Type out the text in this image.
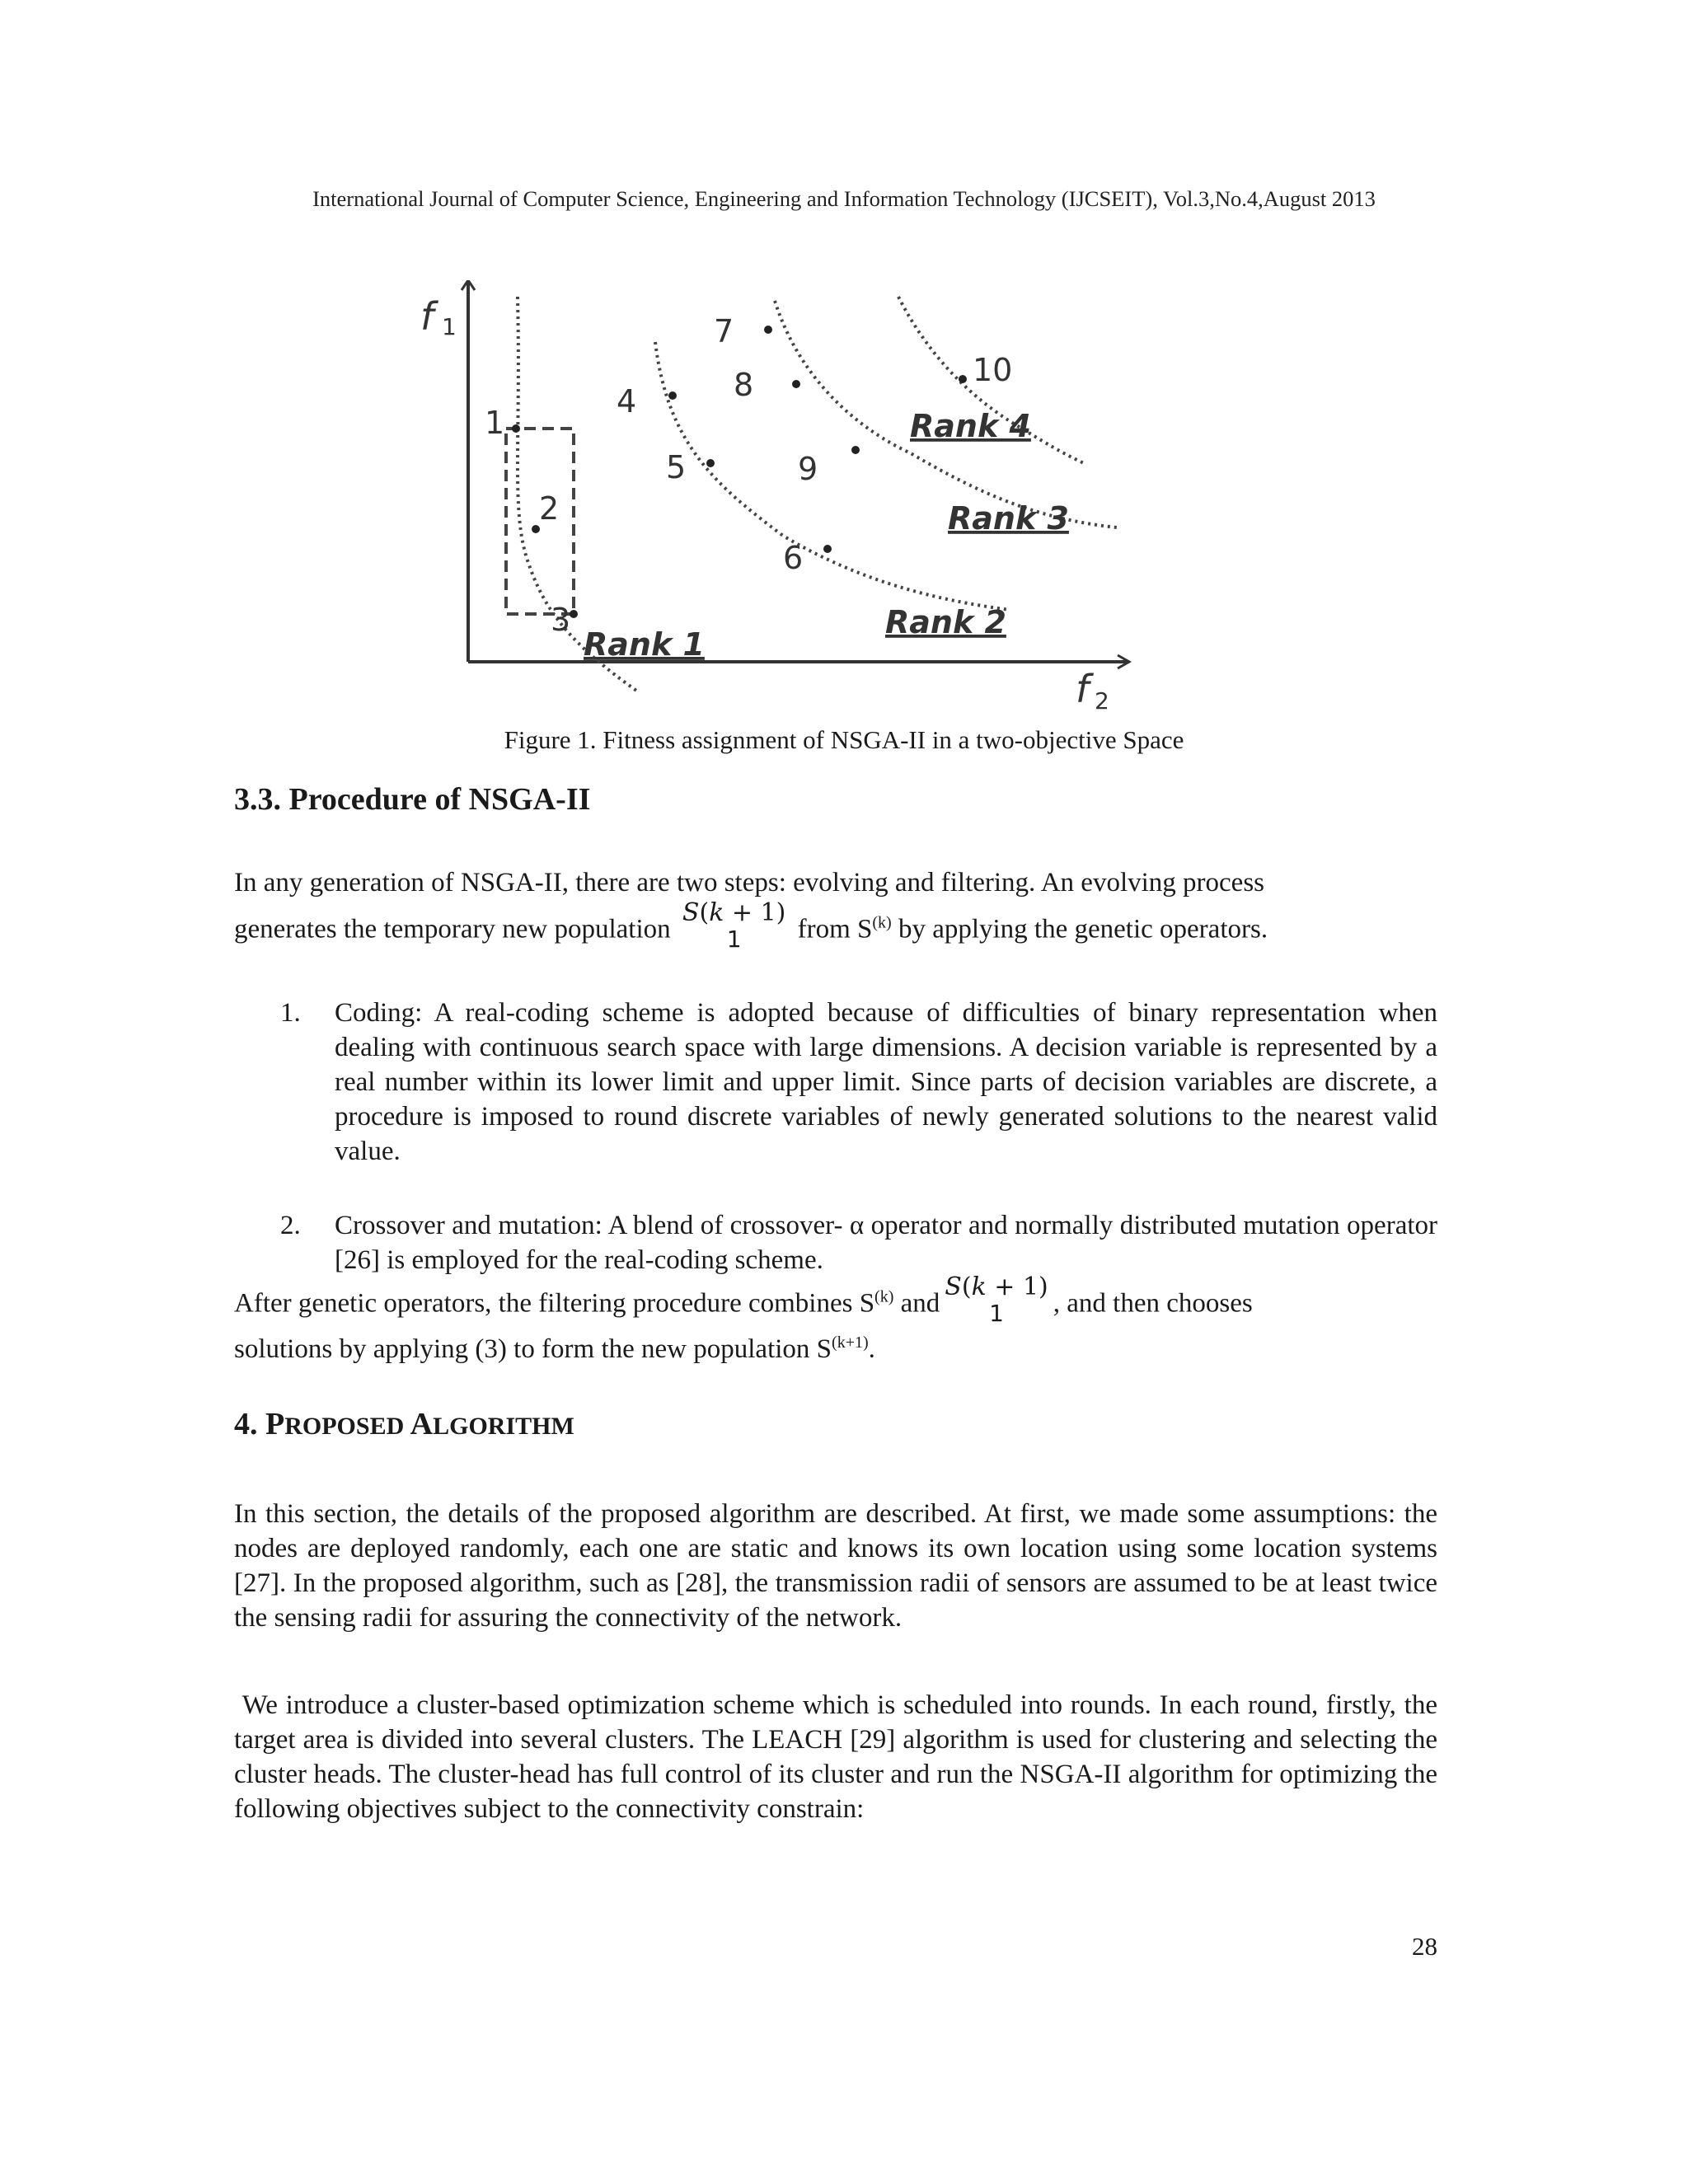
International Journal of Computer Science, Engineering and Information Technology (IJCSEIT), Vol.3,No.4,August 2013
f 1
f 2
1
2
3
4
5
6
7
8
9
10
Rank 1
Rank 2
Rank 3
Rank 4
Figure 1. Fitness assignment of NSGA-II in a two-objective Space
3.3. Procedure of NSGA-II
In any generation of NSGA-II, there are two steps: evolving and filtering. An evolving process
generates the temporary new population
S(k + 1)
1	from $S^{(k)}$ by applying the genetic operators.
1. Coding: A real-coding scheme is adopted because of difficulties of binary representation when dealing with continuous search space with large dimensions. A decision variable is represented by a real number within its lower limit and upper limit. Since parts of decision variables are discrete, a procedure is imposed to round discrete variables of newly generated solutions to the nearest valid value.
2. Crossover and mutation: A blend of crossover- α operator and normally distributed mutation operator [26] is employed for the real-coding scheme.
After genetic operators, the filtering procedure combines $S^{(k)}$ and
S(k + 1)
1	, and then chooses
solutions by applying (3) to form the new population $S^{(k+1)}$.
4. PROPOSED ALGORITHM
In this section, the details of the proposed algorithm are described. At first, we made some assumptions: the nodes are deployed randomly, each one are static and knows its own location using some location systems [27]. In the proposed algorithm, such as [28], the transmission radii of sensors are assumed to be at least twice the sensing radii for assuring the connectivity of the network.
We introduce a cluster-based optimization scheme which is scheduled into rounds. In each round, firstly, the target area is divided into several clusters. The LEACH [29] algorithm is used for clustering and selecting the cluster heads. The cluster-head has full control of its cluster and run the NSGA-II algorithm for optimizing the following objectives subject to the connectivity constrain:
28
